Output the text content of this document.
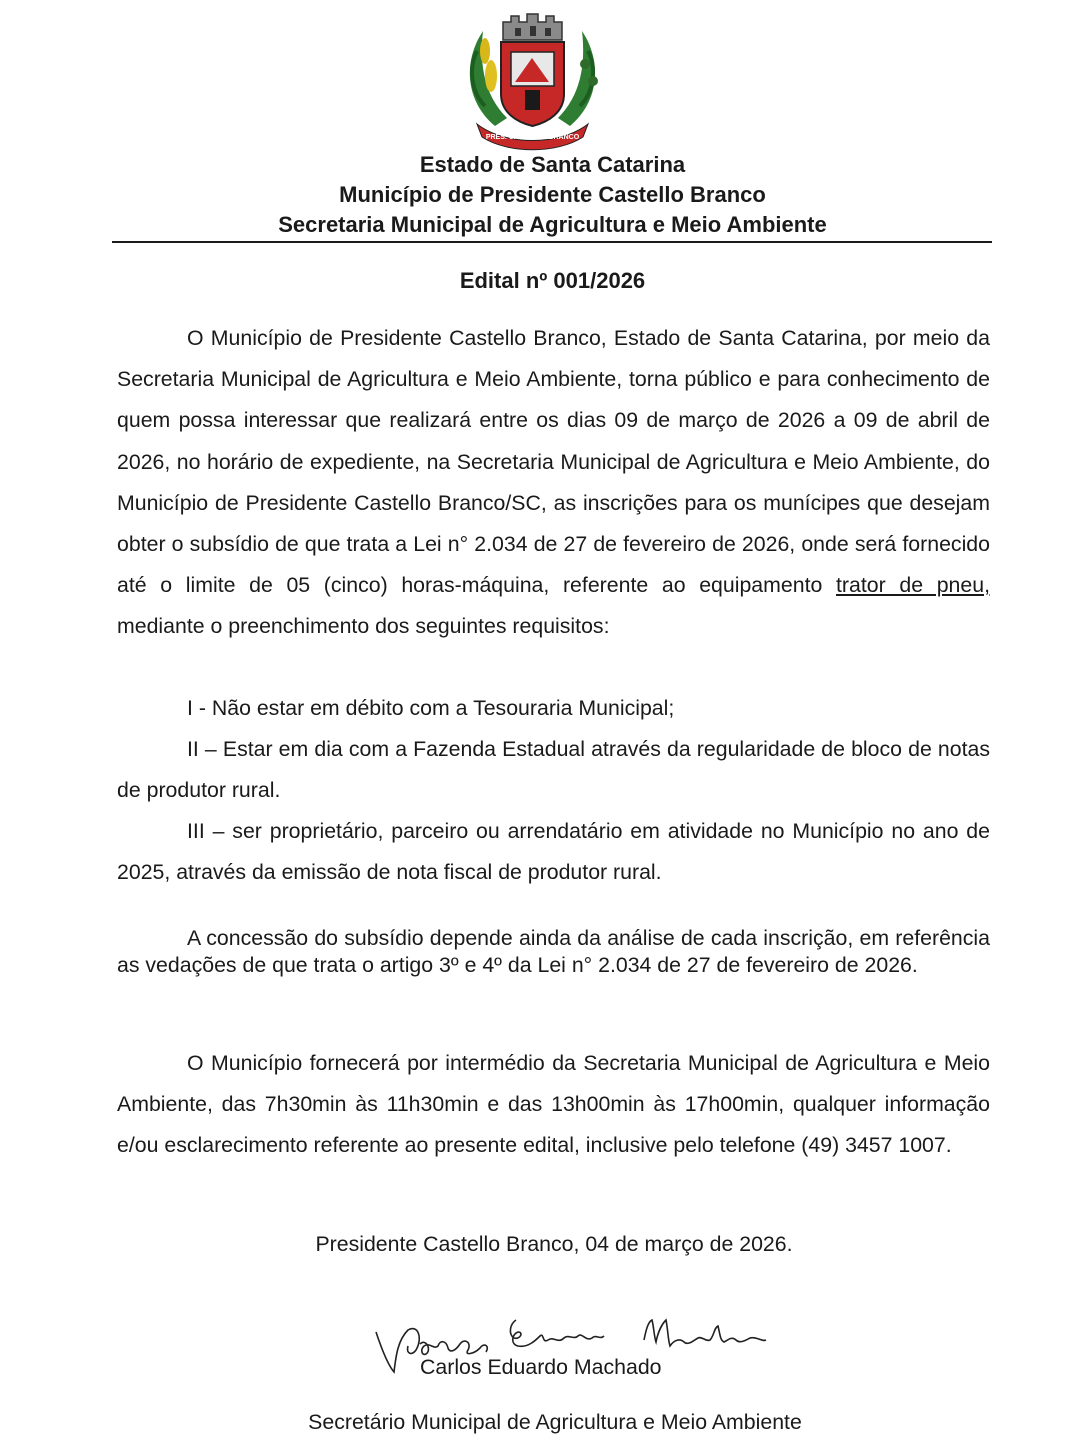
PRES. CASTELLO BRANCO
Estado de Santa Catarina
Município de Presidente Castello Branco
Secretaria Municipal de Agricultura e Meio Ambiente
Edital nº 001/2026

O Município de Presidente Castello Branco, Estado de Santa Catarina, por meio da Secretaria Municipal de Agricultura e Meio Ambiente, torna público e para conhecimento de quem possa interessar que realizará entre os dias 09 de março de 2026 a 09 de abril de 2026, no horário de expediente, na Secretaria Municipal de Agricultura e Meio Ambiente, do Município de Presidente Castello Branco/SC, as inscrições para os munícipes que desejam obter o subsídio de que trata a Lei n° 2.034 de 27 de fevereiro de 2026, onde será fornecido até o limite de 05 (cinco) horas-máquina, referente ao equipamento trator de pneu, mediante o preenchimento dos seguintes requisitos:

I - Não estar em débito com a Tesouraria Municipal;

II – Estar em dia com a Fazenda Estadual através da regularidade de bloco de notas de produtor rural.

III – ser proprietário, parceiro ou arrendatário em atividade no Município no ano de 2025, através da emissão de nota fiscal de produtor rural.

A concessão do subsídio depende ainda da análise de cada inscrição, em referência as vedações de que trata o artigo 3º e 4º da Lei n° 2.034 de 27 de fevereiro de 2026.

O Município fornecerá por intermédio da Secretaria Municipal de Agricultura e Meio Ambiente, das 7h30min às 11h30min e das 13h00min às 17h00min, qualquer informação e/ou esclarecimento referente ao presente edital, inclusive pelo telefone (49) 3457 1007.

Presidente Castello Branco, 04 de março de 2026.
Carlos Eduardo Machado
Secretário Municipal de Agricultura e Meio Ambiente
